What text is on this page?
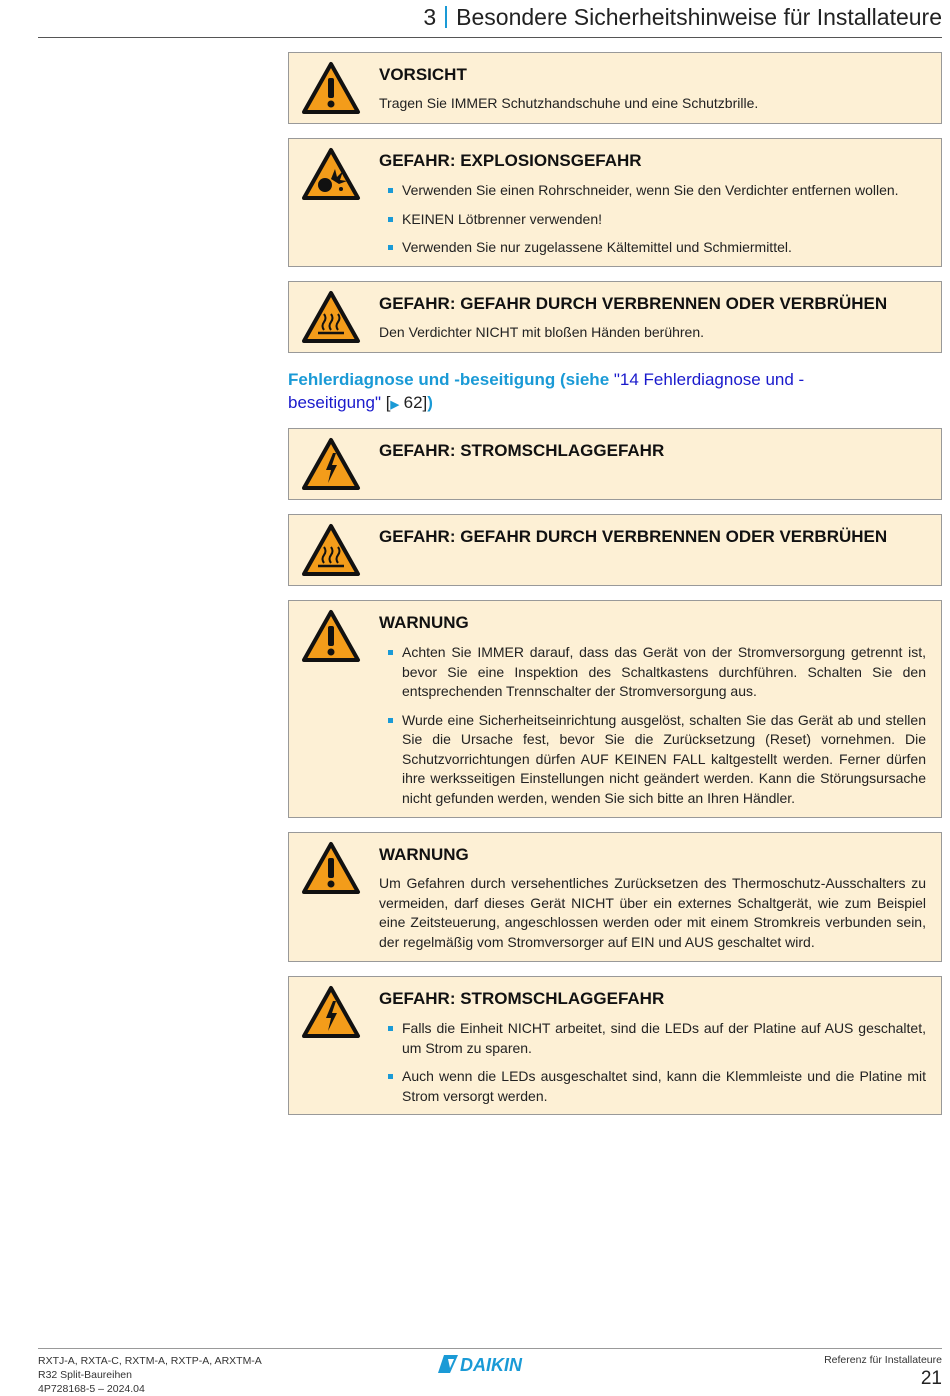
3 Besondere Sicherheitshinweise für Installateure
VORSICHT
Tragen Sie IMMER Schutzhandschuhe und eine Schutzbrille.
GEFAHR: EXPLOSIONSGEFAHR
Verwenden Sie einen Rohrschneider, wenn Sie den Verdichter entfernen wollen.
KEINEN Lötbrenner verwenden!
Verwenden Sie nur zugelassene Kältemittel und Schmiermittel.
GEFAHR: GEFAHR DURCH VERBRENNEN ODER VERBRÜHEN
Den Verdichter NICHT mit bloßen Händen berühren.
Fehlerdiagnose und -beseitigung (siehe "14 Fehlerdiagnose und -beseitigung" [▶ 62])
GEFAHR: STROMSCHLAGGEFAHR
GEFAHR: GEFAHR DURCH VERBRENNEN ODER VERBRÜHEN
WARNUNG
Achten Sie IMMER darauf, dass das Gerät von der Stromversorgung getrennt ist, bevor Sie eine Inspektion des Schaltkastens durchführen. Schalten Sie den entsprechenden Trennschalter der Stromversorgung aus.
Wurde eine Sicherheitseinrichtung ausgelöst, schalten Sie das Gerät ab und stellen Sie die Ursache fest, bevor Sie die Zurücksetzung (Reset) vornehmen. Die Schutzvorrichtungen dürfen AUF KEINEN FALL kaltgestellt werden. Ferner dürfen ihre werksseitigen Einstellungen nicht geändert werden. Kann die Störungsursache nicht gefunden werden, wenden Sie sich bitte an Ihren Händler.
WARNUNG
Um Gefahren durch versehentliches Zurücksetzen des Thermoschutz-Ausschalters zu vermeiden, darf dieses Gerät NICHT über ein externes Schaltgerät, wie zum Beispiel eine Zeitsteuerung, angeschlossen werden oder mit einem Stromkreis verbunden sein, der regelmäßig vom Stromversorger auf EIN und AUS geschaltet wird.
GEFAHR: STROMSCHLAGGEFAHR
Falls die Einheit NICHT arbeitet, sind die LEDs auf der Platine auf AUS geschaltet, um Strom zu sparen.
Auch wenn die LEDs ausgeschaltet sind, kann die Klemmleiste und die Platine mit Strom versorgt werden.
RXTJ-A, RXTA-C, RXTM-A, RXTP-A, ARXTM-A
R32 Split-Baureihen
4P728168-5 – 2024.04
DAIKIN	Referenz für Installateure
21
